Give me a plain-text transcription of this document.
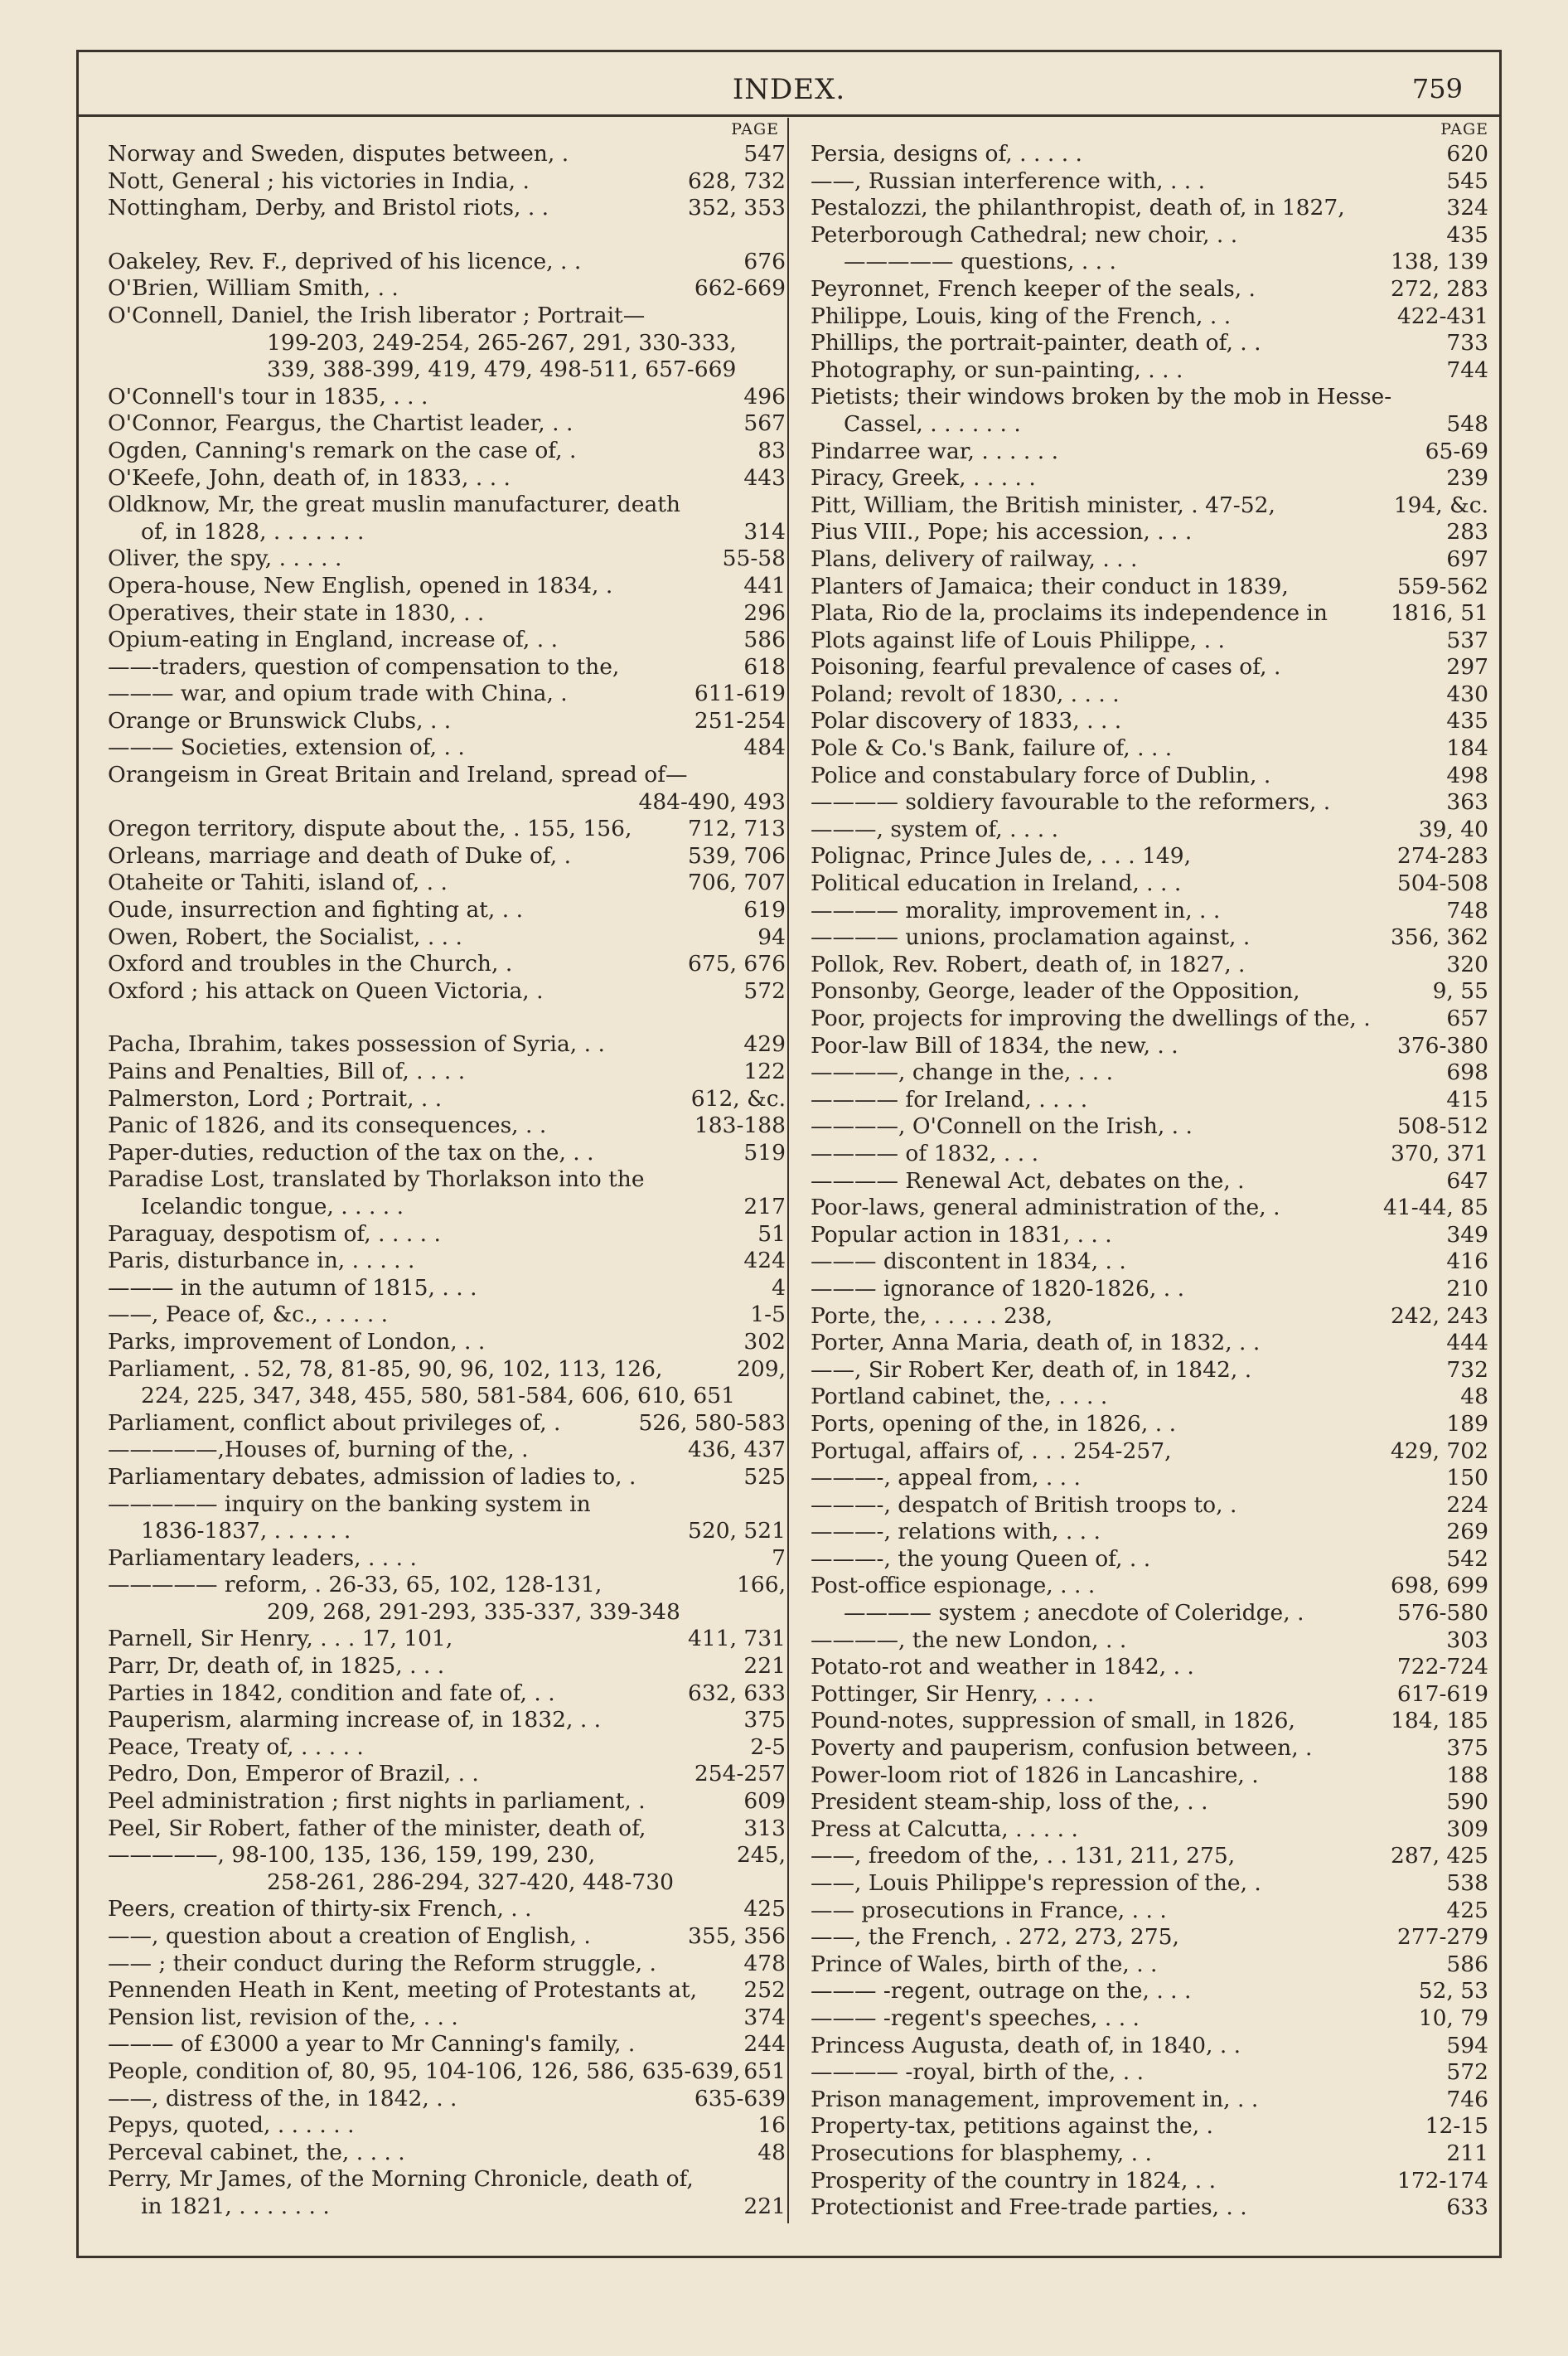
INDEX.	759
PAGE
Norway and Sweden, disputes between, .	547
Nott, General ; his victories in India, .	628, 732
Nottingham, Derby, and Bristol riots, . .	352, 353
Oakeley, Rev. F., deprived of his licence, . .	676
O'Brien, William Smith, . .	662-669
O'Connell, Daniel, the Irish liberator ; Portrait—
199-203, 249-254, 265-267, 291, 330-333,
339, 388-399, 419, 479, 498-511, 657-669
O'Connell's tour in 1835, . . .	496
O'Connor, Feargus, the Chartist leader, . .	567
Ogden, Canning's remark on the case of, .	83
O'Keefe, John, death of, in 1833, . . .	443
Oldknow, Mr, the great muslin manufacturer, death
of, in 1828, . . . . . . .	314
Oliver, the spy, . . . . .	55-58
Opera-house, New English, opened in 1834, .	441
Operatives, their state in 1830, . .	296
Opium-eating in England, increase of, . .	586
——-traders, question of compensation to the,	618
——— war, and opium trade with China, .	611-619
Orange or Brunswick Clubs, . .	251-254
——— Societies, extension of, . .	484
Orangeism in Great Britain and Ireland, spread of—
484-490, 493
Oregon territory, dispute about the, . 155, 156,	712, 713
Orleans, marriage and death of Duke of, .	539, 706
Otaheite or Tahiti, island of, . .	706, 707
Oude, insurrection and fighting at, . .	619
Owen, Robert, the Socialist, . . .	94
Oxford and troubles in the Church, .	675, 676
Oxford ; his attack on Queen Victoria, .	572
Pacha, Ibrahim, takes possession of Syria, . .	429
Pains and Penalties, Bill of, . . . .	122
Palmerston, Lord ; Portrait, . .	612, &c.
Panic of 1826, and its consequences, . .	183-188
Paper-duties, reduction of the tax on the, . .	519
Paradise Lost, translated by Thorlakson into the
Icelandic tongue, . . . . .	217
Paraguay, despotism of, . . . . .	51
Paris, disturbance in, . . . . .	424
——— in the autumn of 1815, . . .	4
——, Peace of, &c., . . . . .	1-5
Parks, improvement of London, . .	302
Parliament, . 52, 78, 81-85, 90, 96, 102, 113, 126,	209,
224, 225, 347, 348, 455, 580, 581-584, 606, 610, 651
Parliament, conflict about privileges of, .	526, 580-583
—————,Houses of, burning of the, .	436, 437
Parliamentary debates, admission of ladies to, .	525
————— inquiry on the banking system in
1836-1837, . . . . . .	520, 521
Parliamentary leaders, . . . .	7
————— reform, . 26-33, 65, 102, 128-131,	166,
209, 268, 291-293, 335-337, 339-348
Parnell, Sir Henry, . . . 17, 101,	411, 731
Parr, Dr, death of, in 1825, . . .	221
Parties in 1842, condition and fate of, . .	632, 633
Pauperism, alarming increase of, in 1832, . .	375
Peace, Treaty of, . . . . .	2-5
Pedro, Don, Emperor of Brazil, . .	254-257
Peel administration ; first nights in parliament, .	609
Peel, Sir Robert, father of the minister, death of,	313
—————, 98-100, 135, 136, 159, 199, 230,	245,
258-261, 286-294, 327-420, 448-730
Peers, creation of thirty-six French, . .	425
——, question about a creation of English, .	355, 356
—— ; their conduct during the Reform struggle, .	478
Pennenden Heath in Kent, meeting of Protestants at, 252
Pension list, revision of the, . . .	374
——— of £3000 a year to Mr Canning's family, .	244
People, condition of, 80, 95, 104-106, 126, 586, 635-639, 651
——, distress of the, in 1842, . .	635-639
Pepys, quoted, . . . . . .	16
Perceval cabinet, the, . . . .	48
Perry, Mr James, of the Morning Chronicle, death of,
in 1821, . . . . . . .	221
PAGE
Persia, designs of, . . . . .	620
——, Russian interference with, . . .	545
Pestalozzi, the philanthropist, death of, in 1827,	324
Peterborough Cathedral; new choir, . .	435
————— questions, . . .	138, 139
Peyronnet, French keeper of the seals, .	272, 283
Philippe, Louis, king of the French, . .	422-431
Phillips, the portrait-painter, death of, . .	733
Photography, or sun-painting, . . .	744
Pietists; their windows broken by the mob in Hesse-
Cassel, . . . . . . .	548
Pindarree war, . . . . . .	65-69
Piracy, Greek, . . . . .	239
Pitt, William, the British minister, . 47-52,	194, &c.
Pius VIII., Pope; his accession, . . .	283
Plans, delivery of railway, . . .	697
Planters of Jamaica; their conduct in 1839,	559-562
Plata, Rio de la, proclaims its independence in	1816, 51
Plots against life of Louis Philippe, . .	537
Poisoning, fearful prevalence of cases of, .	297
Poland; revolt of 1830, . . . .	430
Polar discovery of 1833, . . .	435
Pole & Co.'s Bank, failure of, . . .	184
Police and constabulary force of Dublin, .	498
———— soldiery favourable to the reformers, .	363
———, system of, . . . .	39, 40
Polignac, Prince Jules de, . . . 149,	274-283
Political education in Ireland, . . .	504-508
———— morality, improvement in, . .	748
———— unions, proclamation against, .	356, 362
Pollok, Rev. Robert, death of, in 1827, .	320
Ponsonby, George, leader of the Opposition,	9, 55
Poor, projects for improving the dwellings of the, .	657
Poor-law Bill of 1834, the new, . .	376-380
————, change in the, . . .	698
———— for Ireland, . . . .	415
————, O'Connell on the Irish, . .	508-512
———— of 1832, . . .	370, 371
———— Renewal Act, debates on the, .	647
Poor-laws, general administration of the, .	41-44, 85
Popular action in 1831, . . .	349
——— discontent in 1834, . .	416
——— ignorance of 1820-1826, . .	210
Porte, the, . . . . . 238,	242, 243
Porter, Anna Maria, death of, in 1832, . .	444
——, Sir Robert Ker, death of, in 1842, .	732
Portland cabinet, the, . . . .	48
Ports, opening of the, in 1826, . .	189
Portugal, affairs of, . . . 254-257,	429, 702
———-, appeal from, . . .	150
———-, despatch of British troops to, .	224
———-, relations with, . . .	269
———-, the young Queen of, . .	542
Post-office espionage, . . .	698, 699
———— system ; anecdote of Coleridge, .	576-580
————, the new London, . .	303
Potato-rot and weather in 1842, . .	722-724
Pottinger, Sir Henry, . . . .	617-619
Pound-notes, suppression of small, in 1826,	184, 185
Poverty and pauperism, confusion between, .	375
Power-loom riot of 1826 in Lancashire, .	188
President steam-ship, loss of the, . .	590
Press at Calcutta, . . . . .	309
——, freedom of the, . . 131, 211, 275,	287, 425
——, Louis Philippe's repression of the, .	538
—— prosecutions in France, . . .	425
——, the French, . 272, 273, 275,	277-279
Prince of Wales, birth of the, . .	586
——— -regent, outrage on the, . . .	52, 53
——— -regent's speeches, . . .	10, 79
Princess Augusta, death of, in 1840, . .	594
———— -royal, birth of the, . .	572
Prison management, improvement in, . .	746
Property-tax, petitions against the, .	12-15
Prosecutions for blasphemy, . .	211
Prosperity of the country in 1824, . .	172-174
Protectionist and Free-trade parties, . .	633
